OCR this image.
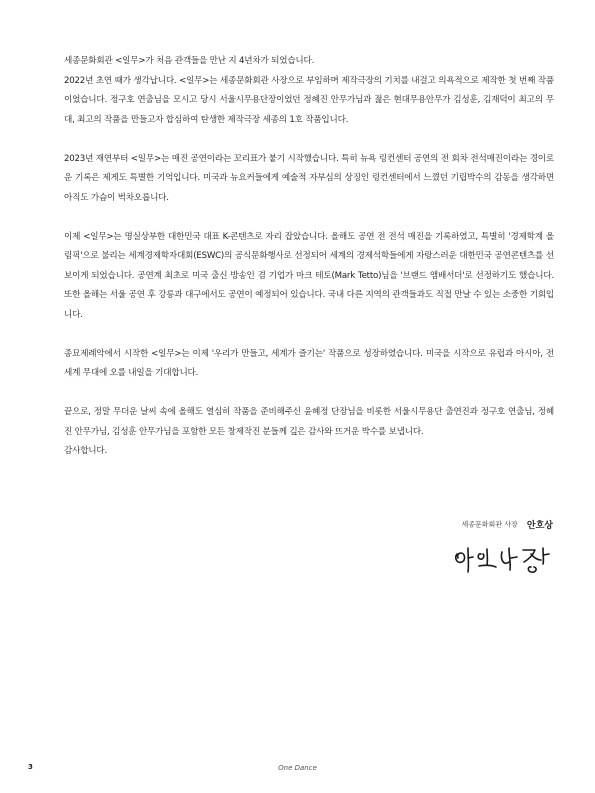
세종문화회관 <일무>가 처음 관객들을 만난 지 4년차가 되었습니다.

2022년 초연 때가 생각납니다. <일무>는 세종문화회관 사장으로 부임하며 제작극장의 기치를 내걸고 의욕적으로 제작한 첫 번째 작품이었습니다. 정구호 연출님을 모시고 당시 서울시무용단장이었던 정혜진 안무가님과 젊은 현대무용안무가 김성훈, 김재덕이 최고의 무대, 최고의 작품을 만들고자 합심하여 탄생한 제작극장 세종의 1호 작품입니다.

2023년 재연부터 <일무>는 매진 공연이라는 꼬리표가 붙기 시작했습니다. 특히 뉴욕 링컨센터 공연의 전 회차 전석매진이라는 경이로운 기록은 제게도 특별한 기억입니다. 미국과 뉴요커들에게 예술적 자부심의 상징인 링컨센터에서 느꼈던 기립박수의 감동을 생각하면 아직도 가슴이 벅차오릅니다.

이제 <일무>는 명실상부한 대한민국 대표 K-콘텐츠로 자리 잡았습니다. 올해도 공연 전 전석 매진을 기록하였고, 특별히 '경제학계 올림픽'으로 불리는 세계경제학자대회(ESWC)의 공식문화행사로 선정되어 세계의 경제석학들에게 자랑스러운 대한민국 공연콘텐츠를 선보이게 되었습니다. 공연계 최초로 미국 출신 방송인 겸 기업가 마크 테토(Mark Tetto)님을 '브랜드 앰배서더'로 선정하기도 했습니다. 또한 올해는 서울 공연 후 강릉과 대구에서도 공연이 예정되어 있습니다. 국내 다른 지역의 관객들과도 직접 만날 수 있는 소중한 기회입니다.

종묘제례악에서 시작한 <일무>는 이제 '우리가 만들고, 세계가 즐기는' 작품으로 성장하였습니다. 미국을 시작으로 유럽과 아시아, 전 세계 무대에 오를 내일을 기대합니다.

끝으로, 정말 무더운 날씨 속에 올해도 열심히 작품을 준비해주신 윤혜정 단장님을 비롯한 서울시무용단 출연진과 정구호 연출님, 정혜진 안무가님, 김성훈 안무가님을 포함한 모든 창제작진 분들께 깊은 감사와 뜨거운 박수를 보냅니다.

감사합니다.

세종문화회관 사장 안호상
3	One Dance
